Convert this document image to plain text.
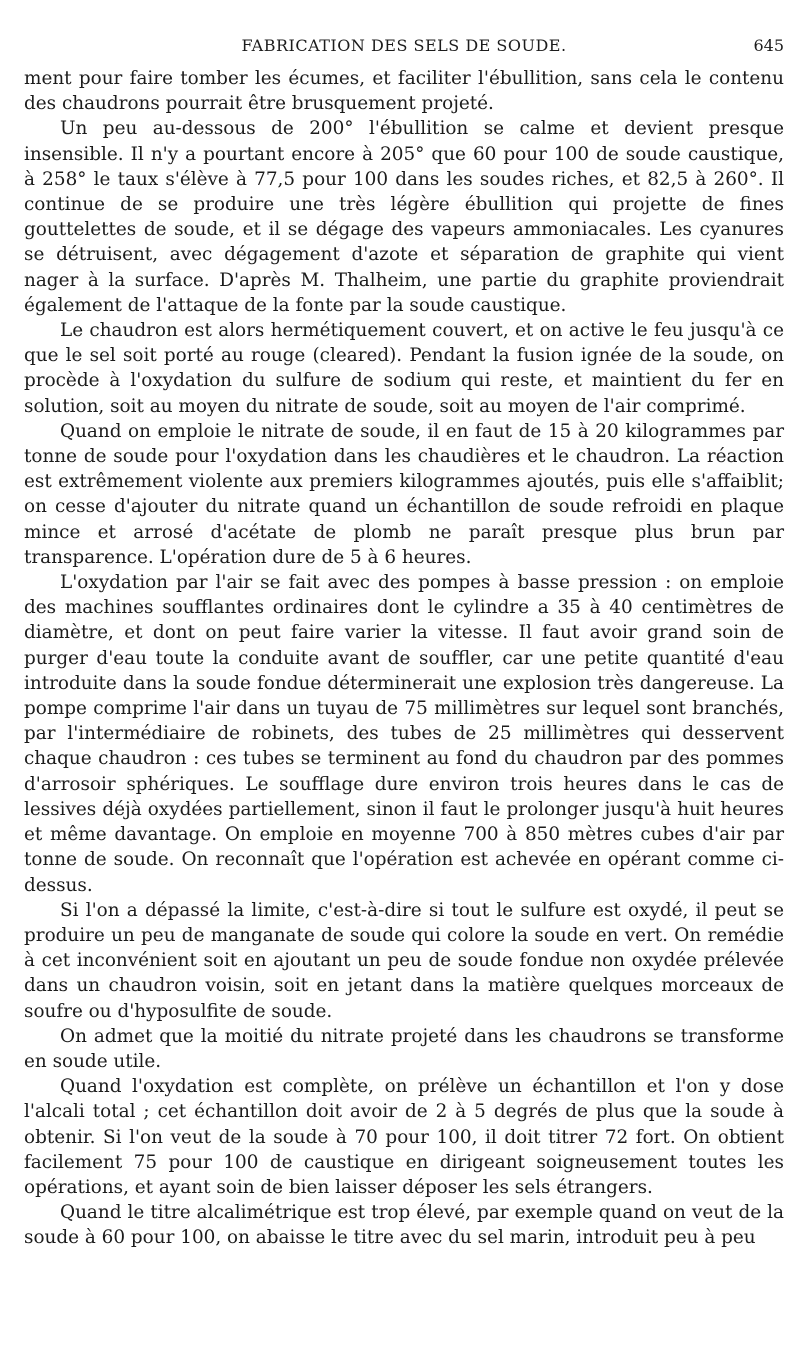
FABRICATION DES SELS DE SOUDE.	645

ment pour faire tomber les écumes, et faciliter l'ébullition, sans cela le contenu des chaudrons pourrait être brusquement projeté.

Un peu au-dessous de 200° l'ébullition se calme et devient presque insensible. Il n'y a pourtant encore à 205° que 60 pour 100 de soude caustique, à 258° le taux s'élève à 77,5 pour 100 dans les soudes riches, et 82,5 à 260°. Il continue de se produire une très légère ébullition qui projette de fines gouttelettes de soude, et il se dégage des vapeurs ammoniacales. Les cyanures se détruisent, avec dégagement d'azote et séparation de graphite qui vient nager à la surface. D'après M. Thalheim, une partie du graphite proviendrait également de l'attaque de la fonte par la soude caustique.

Le chaudron est alors hermétiquement couvert, et on active le feu jusqu'à ce que le sel soit porté au rouge (cleared). Pendant la fusion ignée de la soude, on procède à l'oxydation du sulfure de sodium qui reste, et maintient du fer en solution, soit au moyen du nitrate de soude, soit au moyen de l'air comprimé.

Quand on emploie le nitrate de soude, il en faut de 15 à 20 kilogrammes par tonne de soude pour l'oxydation dans les chaudières et le chaudron. La réaction est extrêmement violente aux premiers kilogrammes ajoutés, puis elle s'affaiblit; on cesse d'ajouter du nitrate quand un échantillon de soude refroidi en plaque mince et arrosé d'acétate de plomb ne paraît presque plus brun par transparence. L'opération dure de 5 à 6 heures.

L'oxydation par l'air se fait avec des pompes à basse pression : on emploie des machines soufflantes ordinaires dont le cylindre a 35 à 40 centimètres de diamètre, et dont on peut faire varier la vitesse. Il faut avoir grand soin de purger d'eau toute la conduite avant de souffler, car une petite quantité d'eau introduite dans la soude fondue déterminerait une explosion très dangereuse. La pompe comprime l'air dans un tuyau de 75 millimètres sur lequel sont branchés, par l'intermédiaire de robinets, des tubes de 25 millimètres qui desservent chaque chaudron : ces tubes se terminent au fond du chaudron par des pommes d'arrosoir sphériques. Le soufflage dure environ trois heures dans le cas de lessives déjà oxydées partiellement, sinon il faut le prolonger jusqu'à huit heures et même davantage. On emploie en moyenne 700 à 850 mètres cubes d'air par tonne de soude. On reconnaît que l'opération est achevée en opérant comme ci-dessus.

Si l'on a dépassé la limite, c'est-à-dire si tout le sulfure est oxydé, il peut se produire un peu de manganate de soude qui colore la soude en vert. On remédie à cet inconvénient soit en ajoutant un peu de soude fondue non oxydée prélevée dans un chaudron voisin, soit en jetant dans la matière quelques morceaux de soufre ou d'hyposulfite de soude.

On admet que la moitié du nitrate projeté dans les chaudrons se transforme en soude utile.

Quand l'oxydation est complète, on prélève un échantillon et l'on y dose l'alcali total ; cet échantillon doit avoir de 2 à 5 degrés de plus que la soude à obtenir. Si l'on veut de la soude à 70 pour 100, il doit titrer 72 fort. On obtient facilement 75 pour 100 de caustique en dirigeant soigneusement toutes les opérations, et ayant soin de bien laisser déposer les sels étrangers.

Quand le titre alcalimétrique est trop élevé, par exemple quand on veut de la soude à 60 pour 100, on abaisse le titre avec du sel marin, introduit peu à peu
